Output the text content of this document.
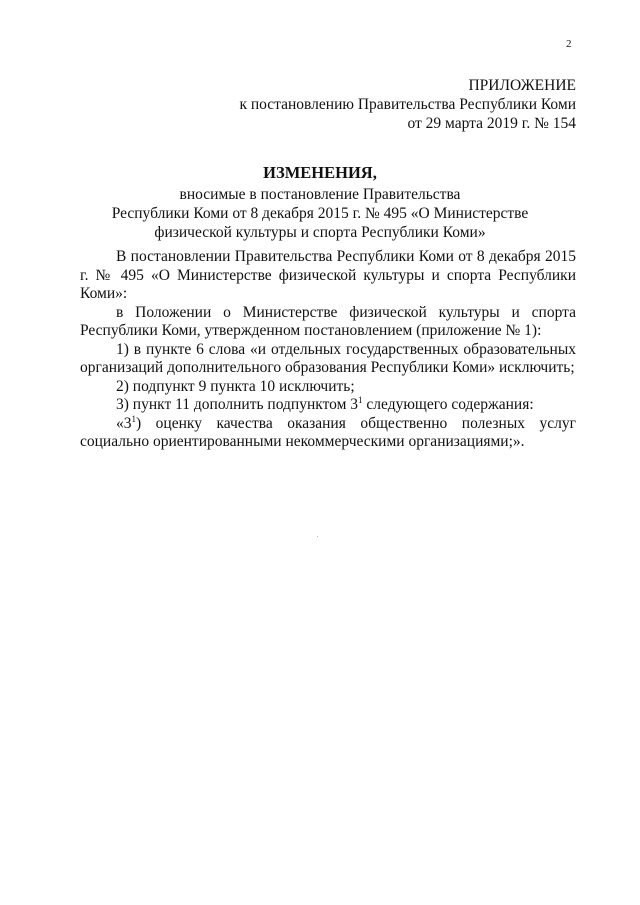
2
ПРИЛОЖЕНИЕ
к постановлению Правительства Республики Коми
от 29 марта 2019 г. № 154
ИЗМЕНЕНИЯ,
вносимые в постановление Правительства
Республики Коми от 8 декабря 2015 г. № 495 «О Министерстве
физической культуры и спорта Республики Коми»

В постановлении Правительства Республики Коми от 8 декабря 2015 г. № 495 «О Министерстве физической культуры и спорта Республики Коми»:

в Положении о Министерстве физической культуры и спорта Республики Коми, утвержденном постановлением (приложение № 1):

1) в пункте 6 слова «и отдельных государственных образовательных организаций дополнительного образования Республики Коми» исключить;

2) подпункт 9 пункта 10 исключить;

3) пункт 11 дополнить подпунктом $3^1$ следующего содержания:

«$3^1$) оценку качества оказания общественно полезных услуг социально ориентированными некоммерческими организациями;».
